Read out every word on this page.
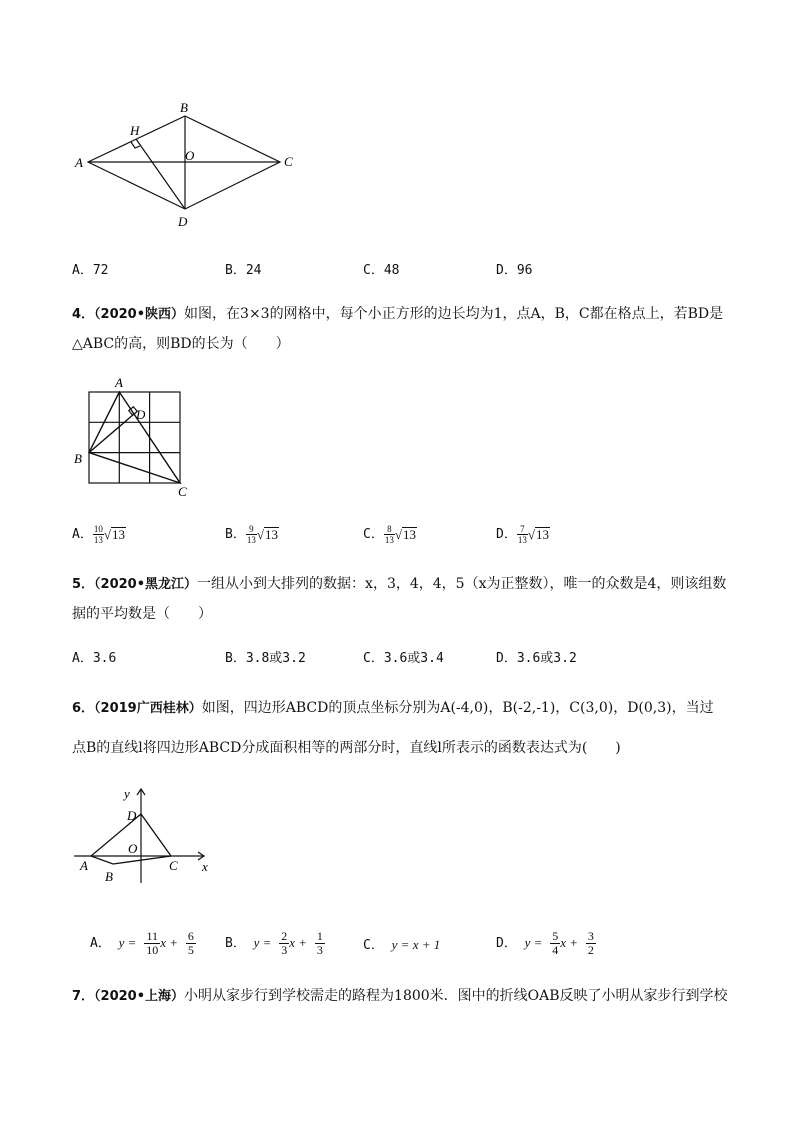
A
B
C
D
H
O
A．72	B．24	C．48	D．96
4．（2020•陕西）如图，在3×3的网格中，每个小正方形的边长均为1，点A，B，C都在格点上，若BD是
△ABC的高，则BD的长为（　　）
A
D
B
C
A． $\frac{10}{13} √13$	B． $\frac{9}{13} √13$	C． $\frac{8}{13} √13$	D． $\frac{7}{13} √13$
5．（2020•黑龙江）一组从小到大排列的数据：x，3，4，4，5（x为正整数），唯一的众数是4，则该组数
据的平均数是（　　）
A．3.6	B．3.8或3.2	C．3.6或3.4	D．3.6或3.2
6．（2019广西桂林）如图，四边形ABCD的顶点坐标分别为A(-4,0)，B(-2,-1)，C(3,0)，D(0,3)，当过
点B的直线l将四边形ABCD分成面积相等的两部分时，直线l所表示的函数表达式为(　　)
y
x
D
O
A
B
C
A． $y = \frac{11}{10}$ $x + \frac{6}{5}$ B． $y = \frac{2}{3}$ $x + \frac{1}{3}$	C． y = x + 1	D． $y = \frac{5}{4}$ $x + \frac{3}{2}$
7．（2020•上海）小明从家步行到学校需走的路程为1800米．图中的折线OAB反映了小明从家步行到学校
